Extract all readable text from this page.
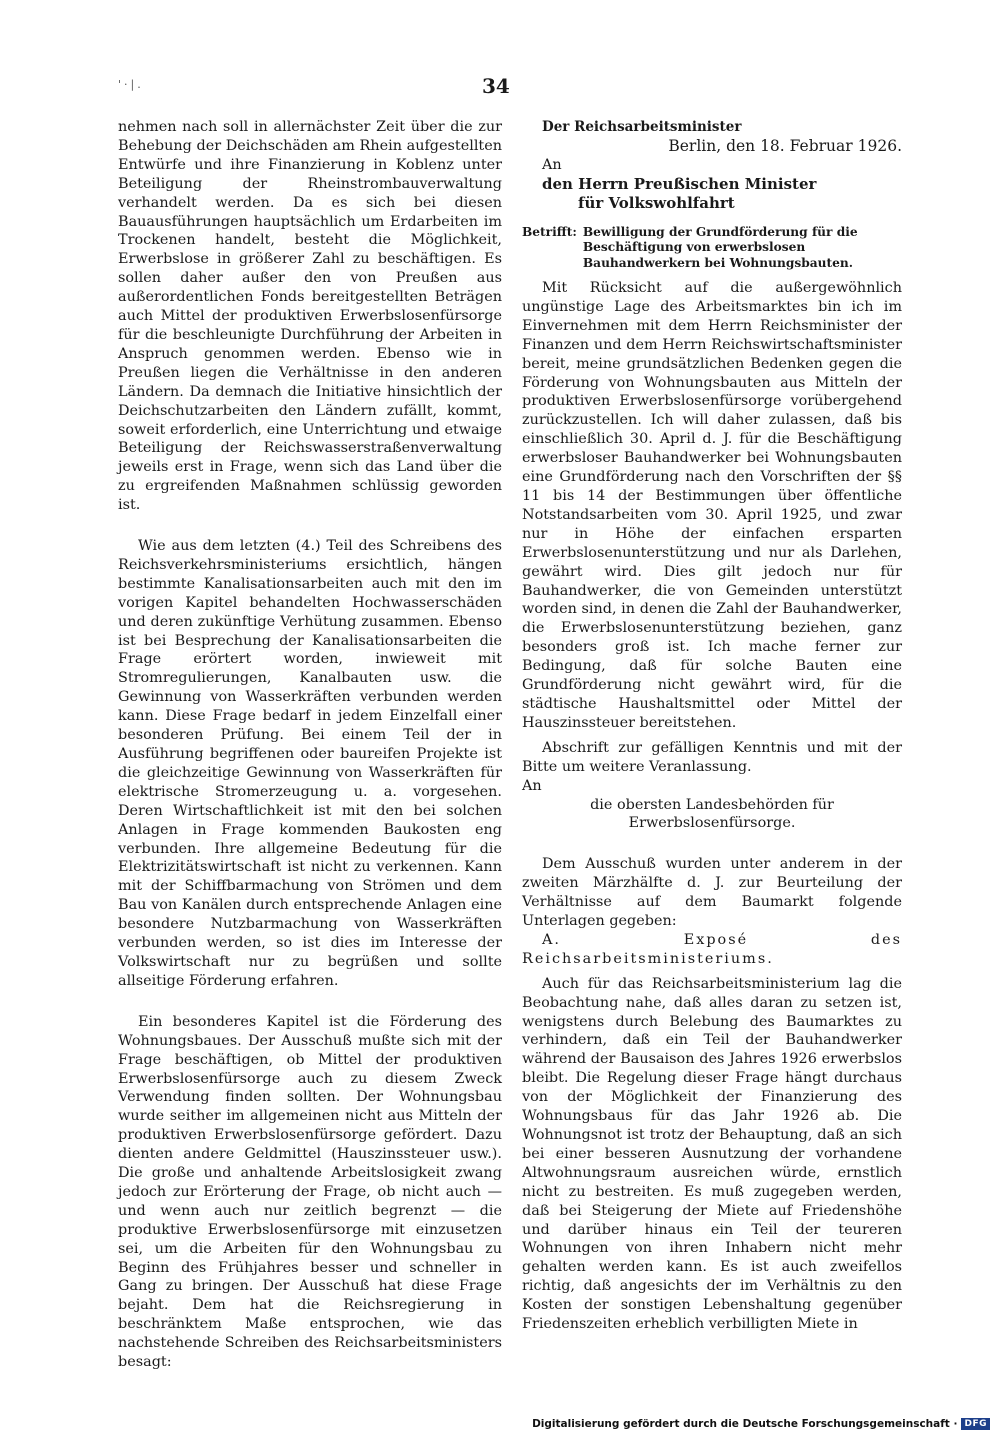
'·|.	34

nehmen nach soll in allernächster Zeit über die zur Behebung der Deichschäden am Rhein aufgestellten Entwürfe und ihre Finanzierung in Koblenz unter Beteiligung der Rheinstrombauverwaltung verhandelt werden. Da es sich bei diesen Bauausführungen hauptsächlich um Erdarbeiten im Trockenen handelt, besteht die Möglichkeit, Erwerbslose in größerer Zahl zu beschäftigen. Es sollen daher außer den von Preußen aus außerordentlichen Fonds bereitgestellten Beträgen auch Mittel der produktiven Erwerbslosenfürsorge für die beschleunigte Durchführung der Arbeiten in Anspruch genommen werden. Ebenso wie in Preußen liegen die Verhältnisse in den anderen Ländern. Da demnach die Initiative hinsichtlich der Deichschutzarbeiten den Ländern zufällt, kommt, soweit erforderlich, eine Unterrichtung und etwaige Beteiligung der Reichswasserstraßenverwaltung jeweils erst in Frage, wenn sich das Land über die zu ergreifenden Maßnahmen schlüssig geworden ist.

Wie aus dem letzten (4.) Teil des Schreibens des Reichsverkehrsministeriums ersichtlich, hängen bestimmte Kanalisationsarbeiten auch mit den im vorigen Kapitel behandelten Hochwasserschäden und deren zukünftige Verhütung zusammen. Ebenso ist bei Besprechung der Kanalisationsarbeiten die Frage erörtert worden, inwieweit mit Stromregulierungen, Kanalbauten usw. die Gewinnung von Wasserkräften verbunden werden kann. Diese Frage bedarf in jedem Einzelfall einer besonderen Prüfung. Bei einem Teil der in Ausführung begriffenen oder baureifen Projekte ist die gleichzeitige Gewinnung von Wasserkräften für elektrische Stromerzeugung u. a. vorgesehen. Deren Wirtschaftlichkeit ist mit den bei solchen Anlagen in Frage kommenden Baukosten eng verbunden. Ihre allgemeine Bedeutung für die Elektrizitätswirtschaft ist nicht zu verkennen. Kann mit der Schiffbarmachung von Strömen und dem Bau von Kanälen durch entsprechende Anlagen eine besondere Nutzbarmachung von Wasserkräften verbunden werden, so ist dies im Interesse der Volkswirtschaft nur zu begrüßen und sollte allseitige Förderung erfahren.

Ein besonderes Kapitel ist die Förderung des Wohnungsbaues. Der Ausschuß mußte sich mit der Frage beschäftigen, ob Mittel der produktiven Erwerbslosenfürsorge auch zu diesem Zweck Verwendung finden sollten. Der Wohnungsbau wurde seither im allgemeinen nicht aus Mitteln der produktiven Erwerbslosenfürsorge gefördert. Dazu dienten andere Geldmittel (Hauszinssteuer usw.). Die große und anhaltende Arbeitslosigkeit zwang jedoch zur Erörterung der Frage, ob nicht auch — und wenn auch nur zeitlich begrenzt — die produktive Erwerbslosenfürsorge mit einzusetzen sei, um die Arbeiten für den Wohnungsbau zu Beginn des Frühjahres besser und schneller in Gang zu bringen. Der Ausschuß hat diese Frage bejaht. Dem hat die Reichsregierung in beschränktem Maße entsprochen, wie das nachstehende Schreiben des Reichsarbeitsministers besagt:

Der Reichsarbeitsminister

Berlin, den 18. Februar 1926.

An

den Herrn Preußischen Minister

für Volkswohlfahrt

Betrifft: Bewilligung der Grundförderung für die Beschäftigung von erwerbslosen Bauhandwerkern bei Wohnungsbauten.

Mit Rücksicht auf die außergewöhnlich ungünstige Lage des Arbeitsmarktes bin ich im Einvernehmen mit dem Herrn Reichsminister der Finanzen und dem Herrn Reichswirtschaftsminister bereit, meine grundsätzlichen Bedenken gegen die Förderung von Wohnungsbauten aus Mitteln der produktiven Erwerbslosenfürsorge vorübergehend zurückzustellen. Ich will daher zulassen, daß bis einschließlich 30. April d. J. für die Beschäftigung erwerbsloser Bauhandwerker bei Wohnungsbauten eine Grundförderung nach den Vorschriften der §§ 11 bis 14 der Bestimmungen über öffentliche Notstandsarbeiten vom 30. April 1925, und zwar nur in Höhe der einfachen ersparten Erwerbslosenunterstützung und nur als Darlehen, gewährt wird. Dies gilt jedoch nur für Bauhandwerker, die von Gemeinden unterstützt worden sind, in denen die Zahl der Bauhandwerker, die Erwerbslosenunterstützung beziehen, ganz besonders groß ist. Ich mache ferner zur Bedingung, daß für solche Bauten eine Grundförderung nicht gewährt wird, für die städtische Haushaltsmittel oder Mittel der Hauszinssteuer bereitstehen.

Abschrift zur gefälligen Kenntnis und mit der Bitte um weitere Veranlassung.

An

die obersten Landesbehörden für Erwerbslosenfürsorge.

Dem Ausschuß wurden unter anderem in der zweiten Märzhälfte d. J. zur Beurteilung der Verhältnisse auf dem Baumarkt folgende Unterlagen gegeben:

A. Exposé des Reichsarbeitsministeriums.

Auch für das Reichsarbeitsministerium lag die Beobachtung nahe, daß alles daran zu setzen ist, wenigstens durch Belebung des Baumarktes zu verhindern, daß ein Teil der Bauhandwerker während der Bausaison des Jahres 1926 erwerbslos bleibt. Die Regelung dieser Frage hängt durchaus von der Möglichkeit der Finanzierung des Wohnungsbaus für das Jahr 1926 ab. Die Wohnungsnot ist trotz der Behauptung, daß an sich bei einer besseren Ausnutzung der vorhandene Altwohnungsraum ausreichen würde, ernstlich nicht zu bestreiten. Es muß zugegeben werden, daß bei Steigerung der Miete auf Friedenshöhe und darüber hinaus ein Teil der teureren Wohnungen von ihren Inhabern nicht mehr gehalten werden kann. Es ist auch zweifellos richtig, daß angesichts der im Verhältnis zu den Kosten der sonstigen Lebenshaltung gegenüber Friedenszeiten erheblich verbilligten Miete in

Digitalisierung gefördert durch die Deutsche Forschungsgemeinschaft · DFG
